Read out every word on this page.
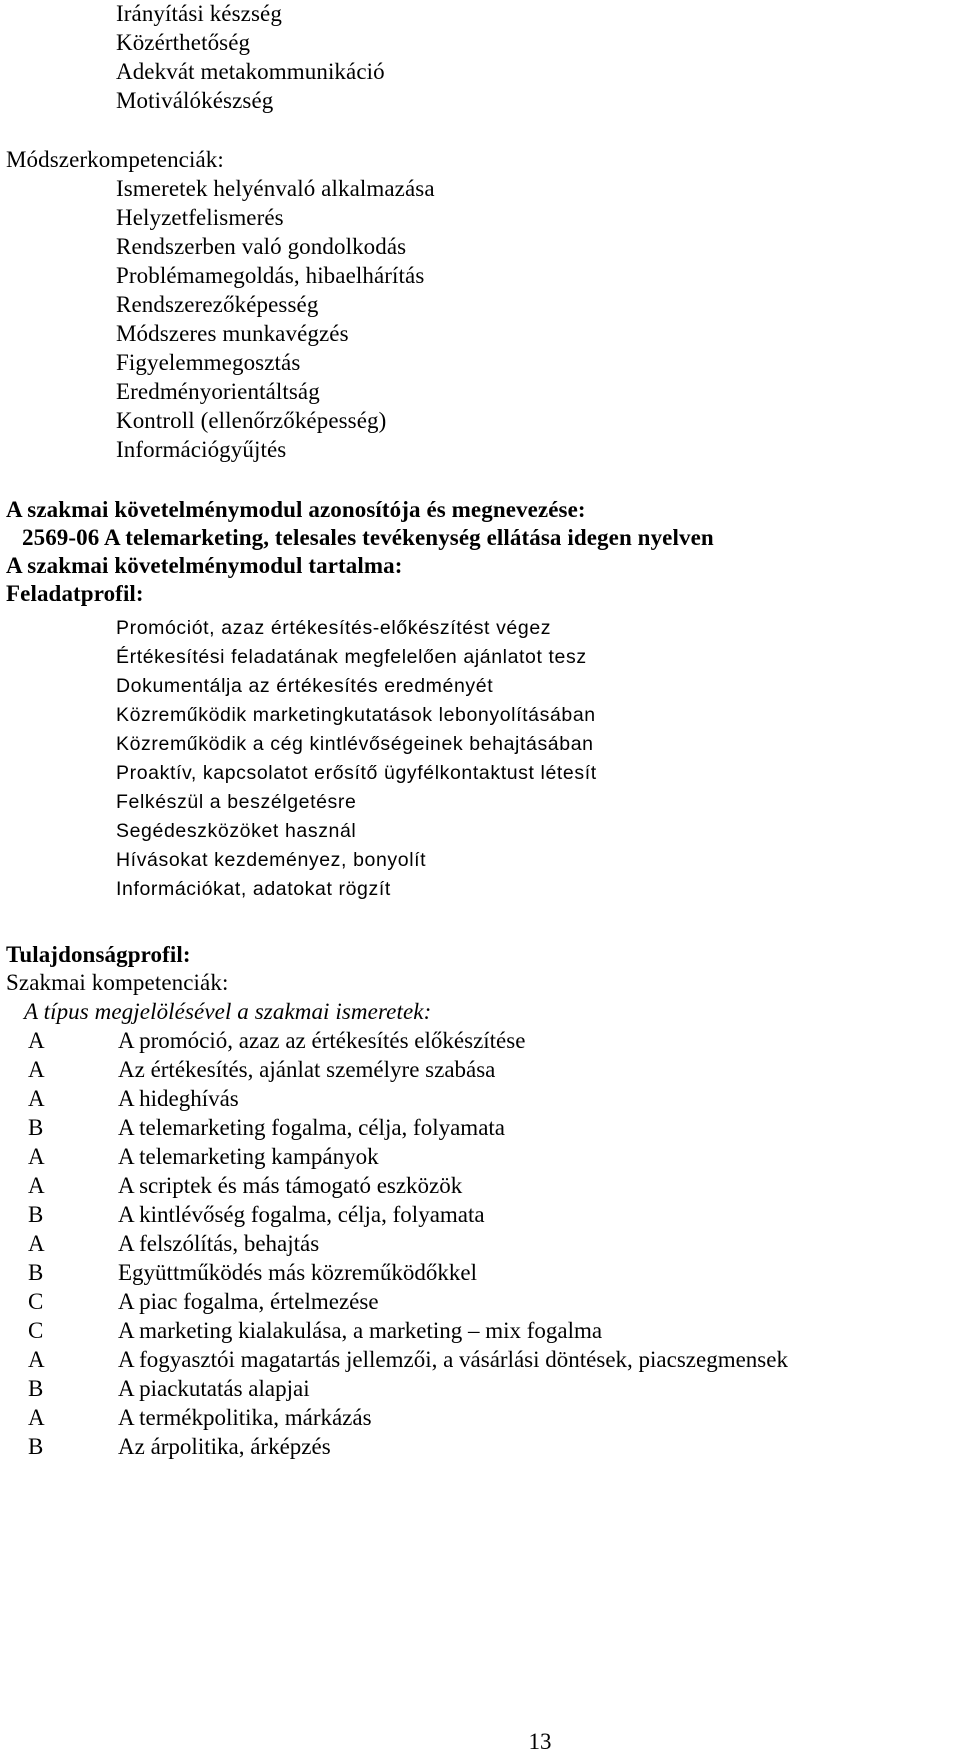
Irányítási készség
Közérthetőség
Adekvát metakommunikáció
Motiválókészség
Módszerkompetenciák:
Ismeretek helyénvaló alkalmazása
Helyzetfelismerés
Rendszerben való gondolkodás
Problémamegoldás, hibaelhárítás
Rendszerezőképesség
Módszeres munkavégzés
Figyelemmegosztás
Eredményorientáltság
Kontroll (ellenőrzőképesség)
Információgyűjtés
A szakmai követelménymodul azonosítója és megnevezése:
2569-06 A telemarketing, telesales tevékenység ellátása idegen nyelven
A szakmai követelménymodul tartalma:
Feladatprofil:
Promóciót, azaz értékesítés-előkészítést végez
Értékesítési feladatának megfelelően ajánlatot tesz
Dokumentálja az értékesítés eredményét
Közreműködik marketingkutatások lebonyolításában
Közreműködik a cég kintlévőségeinek behajtásában
Proaktív, kapcsolatot erősítő ügyfélkontaktust létesít
Felkészül a beszélgetésre
Segédeszközöket használ
Hívásokat kezdeményez, bonyolít
Információkat, adatokat rögzít
Tulajdonságprofil:
Szakmai kompetenciák:
A típus megjelölésével a szakmai ismeretek:
A	A promóció, azaz az értékesítés előkészítése
A	Az értékesítés, ajánlat személyre szabása
A	A hideghívás
B	A telemarketing fogalma, célja, folyamata
A	A telemarketing kampányok
A	A scriptek és más támogató eszközök
B	A kintlévőség fogalma, célja, folyamata
A	A felszólítás, behajtás
B	Együttműködés más közreműködőkkel
C	A piac fogalma, értelmezése
C	A marketing kialakulása, a marketing – mix fogalma
A	A fogyasztói magatartás jellemzői, a vásárlási döntések, piacszegmensek
B	A piackutatás alapjai
A	A termékpolitika, márkázás
B	Az árpolitika, árképzés
13
